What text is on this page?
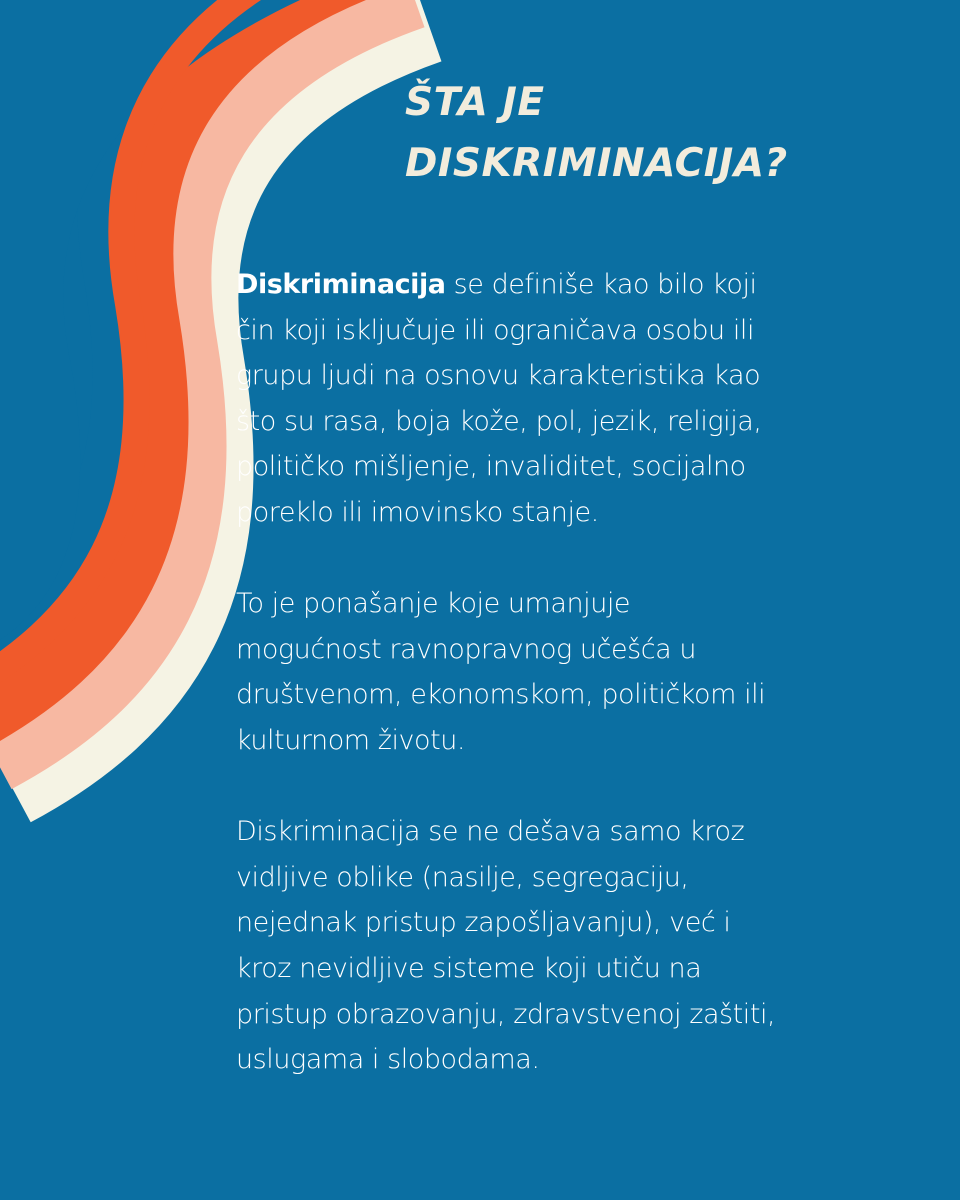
ŠTA JE
DISKRIMINACIJA?
Diskriminacija se definiše kao bilo koji
čin koji isključuje ili ograničava osobu ili
grupu ljudi na osnovu karakteristika kao
što su rasa, boja kože, pol, jezik, religija,
političko mišljenje, invaliditet, socijalno
poreklo ili imovinsko stanje.
To je ponašanje koje umanjuje
mogućnost ravnopravnog učešća u
društvenom, ekonomskom, političkom ili
kulturnom životu.
Diskriminacija se ne dešava samo kroz
vidljive oblike (nasilje, segregaciju,
nejednak pristup zapošljavanju), već i
kroz nevidljive sisteme koji utiču na
pristup obrazovanju, zdravstvenoj zaštiti,
uslugama i slobodama.
